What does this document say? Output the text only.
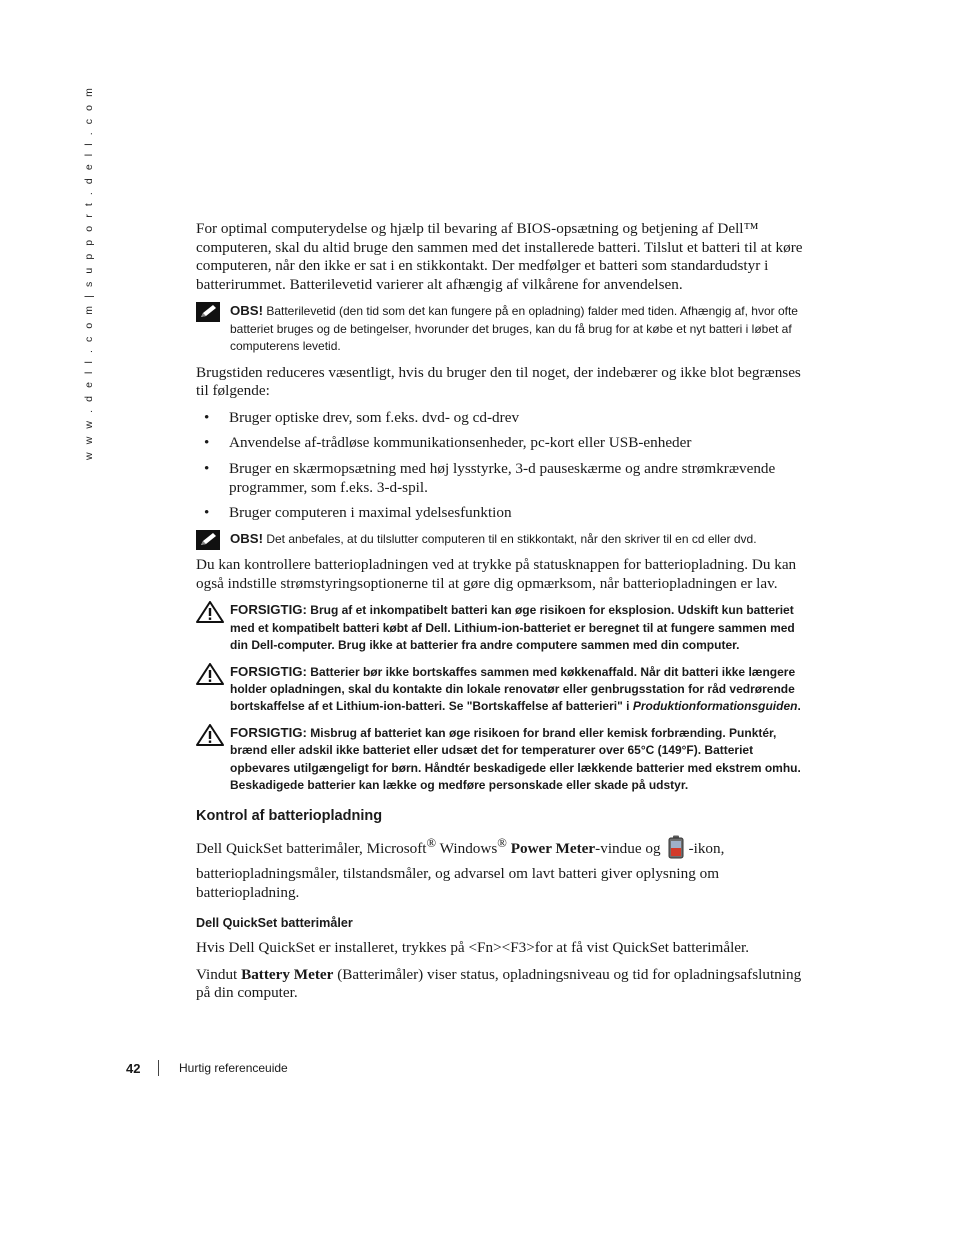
w w w . d e l l . c o m | s u p p o r t . d e l l . c o m	For optimal computerydelse og hjælp til bevaring af BIOS-opsætning og betjening af Dell™ computeren, skal du altid bruge den sammen med det installerede batteri. Tilslut et batteri til at køre computeren, når den ikke er sat i en stikkontakt. Der medfølger et batteri som standardudstyr i batterirummet. Batterilevetid varierer alt afhængig af vilkårene for anvendelsen.

OBS! Batterilevetid (den tid som det kan fungere på en opladning) falder med tiden. Afhængig af, hvor ofte batteriet bruges og de betingelser, hvorunder det bruges, kan du få brug for at købe et nyt batteri i løbet af computerens levetid.

Brugstiden reduceres væsentligt, hvis du bruger den til noget, der indebærer og ikke blot begrænses til følgende:

• Bruger optiske drev, som f.eks. dvd- og cd-drev
• Anvendelse af-trådløse kommunikationsenheder, pc-kort eller USB-enheder
• Bruger en skærmopsætning med høj lysstyrke, 3-d pauseskærme og andre strømkrævende programmer, som f.eks. 3-d-spil.
• Bruger computeren i maximal ydelsesfunktion
OBS! Det anbefales, at du tilslutter computeren til en stikkontakt, når den skriver til en cd eller dvd.

Du kan kontrollere batteriopladningen ved at trykke på statusknappen for batteriopladning. Du kan også indstille strømstyringsoptionerne til at gøre dig opmærksom, når batteriopladningen er lav.

FORSIGTIG: Brug af et inkompatibelt batteri kan øge risikoen for eksplosion. Udskift kun batteriet med et kompatibelt batteri købt af Dell. Lithium-ion-batteriet er beregnet til at fungere sammen med din Dell-computer. Brug ikke at batterier fra andre computere sammen med din computer.
FORSIGTIG: Batterier bør ikke bortskaffes sammen med køkkenaffald. Når dit batteri ikke længere holder opladningen, skal du kontakte din lokale renovatør eller genbrugsstation for råd vedrørende bortskaffelse af et Lithium-ion-batteri. Se "Bortskaffelse af batterieri" i Produktionformationsguiden.
FORSIGTIG: Misbrug af batteriet kan øge risikoen for brand eller kemisk forbrænding. Punktér, brænd eller adskil ikke batteriet eller udsæt det for temperaturer over 65°C (149°F). Batteriet opbevares utilgængeligt for børn. Håndtér beskadigede eller lækkende batterier med ekstrem omhu. Beskadigede batterier kan lække og medføre personskade eller skade på udstyr.
Kontrol af batteriopladning

Dell QuickSet batterimåler, Microsoft® Windows® Power Meter-vindue og -ikon, batteriopladningsmåler, tilstandsmåler, og advarsel om lavt batteri giver oplysning om batteriopladning.

Dell QuickSet batterimåler

Hvis Dell QuickSet er installeret, trykkes på <Fn><F3>for at få vist QuickSet batterimåler.

Vindut Battery Meter (Batterimåler) viser status, opladningsniveau og tid for opladningsafslutning på din computer.

42	Hurtig referenceuide
